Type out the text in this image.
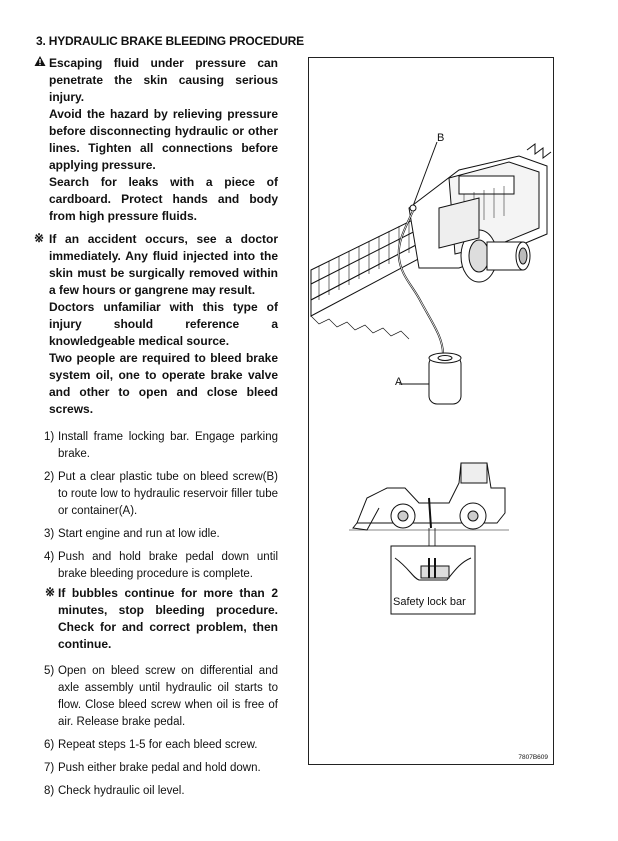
3. HYDRAULIC BRAKE BLEEDING PROCEDURE

Escaping fluid under pressure can penetrate the skin causing serious injury.

Avoid the hazard by relieving pressure before disconnecting hydraulic or other lines. Tighten all connections before applying pressure.

Search for leaks with a piece of cardboard. Protect hands and body from high pressure fluids.

※ If an accident occurs, see a doctor immediately. Any fluid injected into the skin must be surgically removed within a few hours or gangrene may result.

Doctors unfamiliar with this type of injury should reference a knowledgeable medical source.

Two people are required to bleed brake system oil, one to operate brake valve and other to open and close bleed screws.

1) Install frame locking bar. Engage parking brake.
2) Put a clear plastic tube on bleed screw(B) to route low to hydraulic reservoir filler tube or container(A).
3) Start engine and run at low idle.
4) Push and hold brake pedal down until brake bleeding procedure is complete.
※ If bubbles continue for more than 2 minutes, stop bleeding procedure. Check for and correct problem, then continue.

5) Open on bleed screw on differential and axle assembly until hydraulic oil starts to flow. Close bleed screw when oil is free of air. Release brake pedal.
6) Repeat steps 1-5 for each bleed screw.
7) Push either brake pedal and hold down.
8) Check hydraulic oil level.
B
A
Safety lock bar
7807B609
